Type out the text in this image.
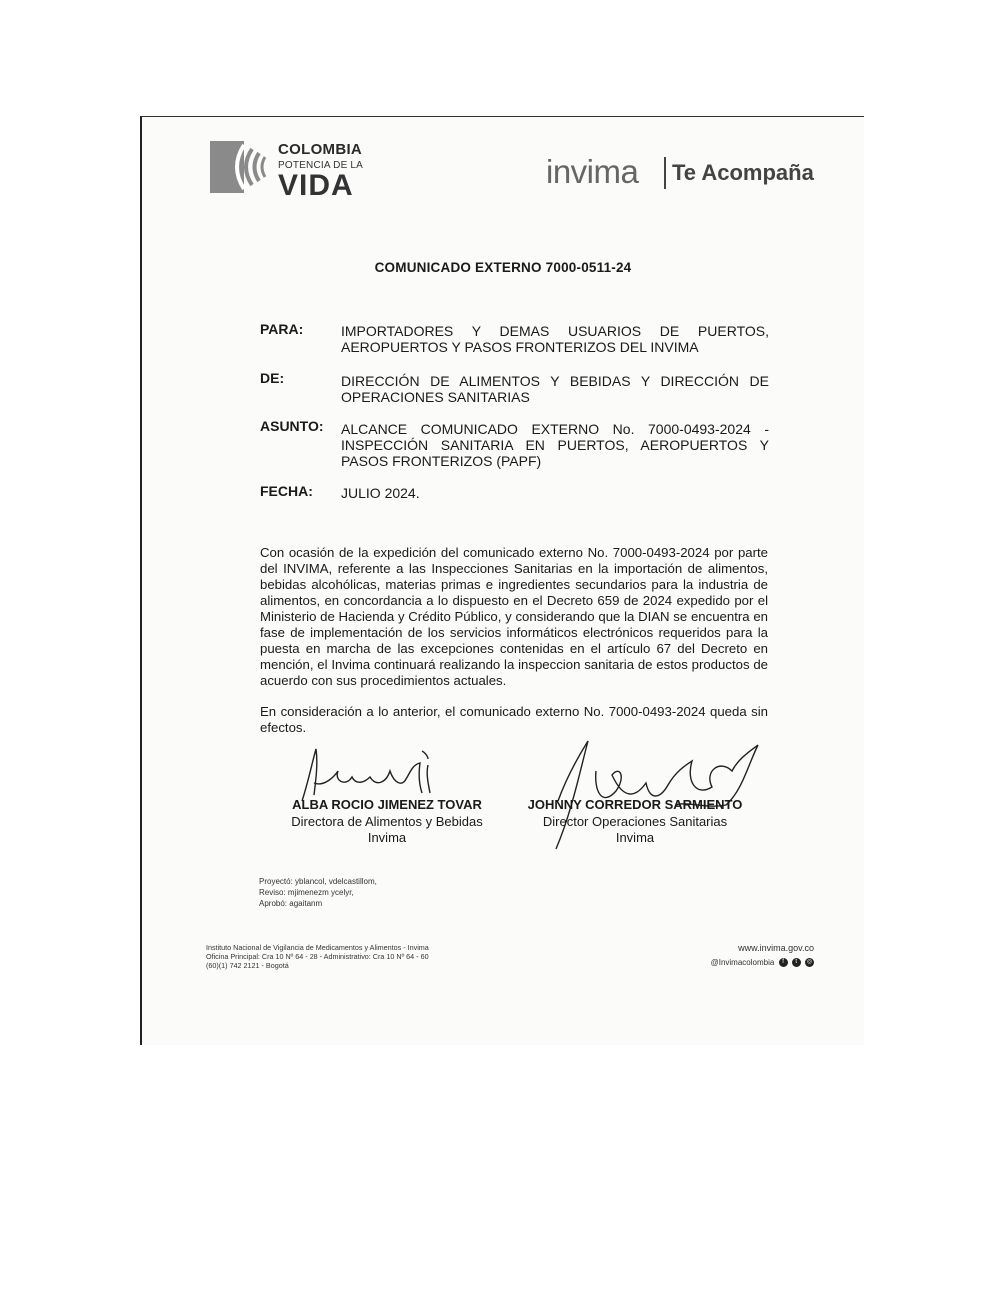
COLOMBIA
POTENCIA DE LA
VIDA	invima Te Acompaña
COMUNICADO EXTERNO 7000-0511-24
PARA:	IMPORTADORES Y DEMAS USUARIOS DE PUERTOS, AEROPUERTOS Y PASOS FRONTERIZOS DEL INVIMA
DE:	DIRECCIÓN DE ALIMENTOS Y BEBIDAS Y DIRECCIÓN DE OPERACIONES SANITARIAS
ASUNTO: ALCANCE COMUNICADO EXTERNO No. 7000-0493-2024 - INSPECCIÓN SANITARIA EN PUERTOS, AEROPUERTOS Y PASOS FRONTERIZOS (PAPF)
FECHA: JULIO 2024.
Con ocasión de la expedición del comunicado externo No. 7000-0493-2024 por parte del INVIMA, referente a las Inspecciones Sanitarias en la importación de alimentos, bebidas alcohólicas, materias primas e ingredientes secundarios para la industria de alimentos, en concordancia a lo dispuesto en el Decreto 659 de 2024 expedido por el Ministerio de Hacienda y Crédito Público, y considerando que la DIAN se encuentra en fase de implementación de los servicios informáticos electrónicos requeridos para la puesta en marcha de las excepciones contenidas en el artículo 67 del Decreto en mención, el Invima continuará realizando la inspeccion sanitaria de estos productos de acuerdo con sus procedimientos actuales.
En consideración a lo anterior, el comunicado externo No. 7000-0493-2024 queda sin efectos.
ALBA ROCIO JIMENEZ TOVAR
Directora de Alimentos y Bebidas
Invima
JOHNNY CORREDOR SARMIENTO
Director Operaciones Sanitarias
Invima
Proyectó: yblancol, vdelcastillom,
Reviso: mjimenezm ycelyr,
Aprobó: agaitanm
Instituto Nacional de Vigilancia de Medicamentos y Alimentos - Invima
Oficina Principal: Cra 10 Nº 64 - 28 - Administrativo: Cra 10 Nº 64 - 60
(60)(1) 742 2121 - Bogotá
www.invima.gov.co
@Invimacolombia f t ◎
